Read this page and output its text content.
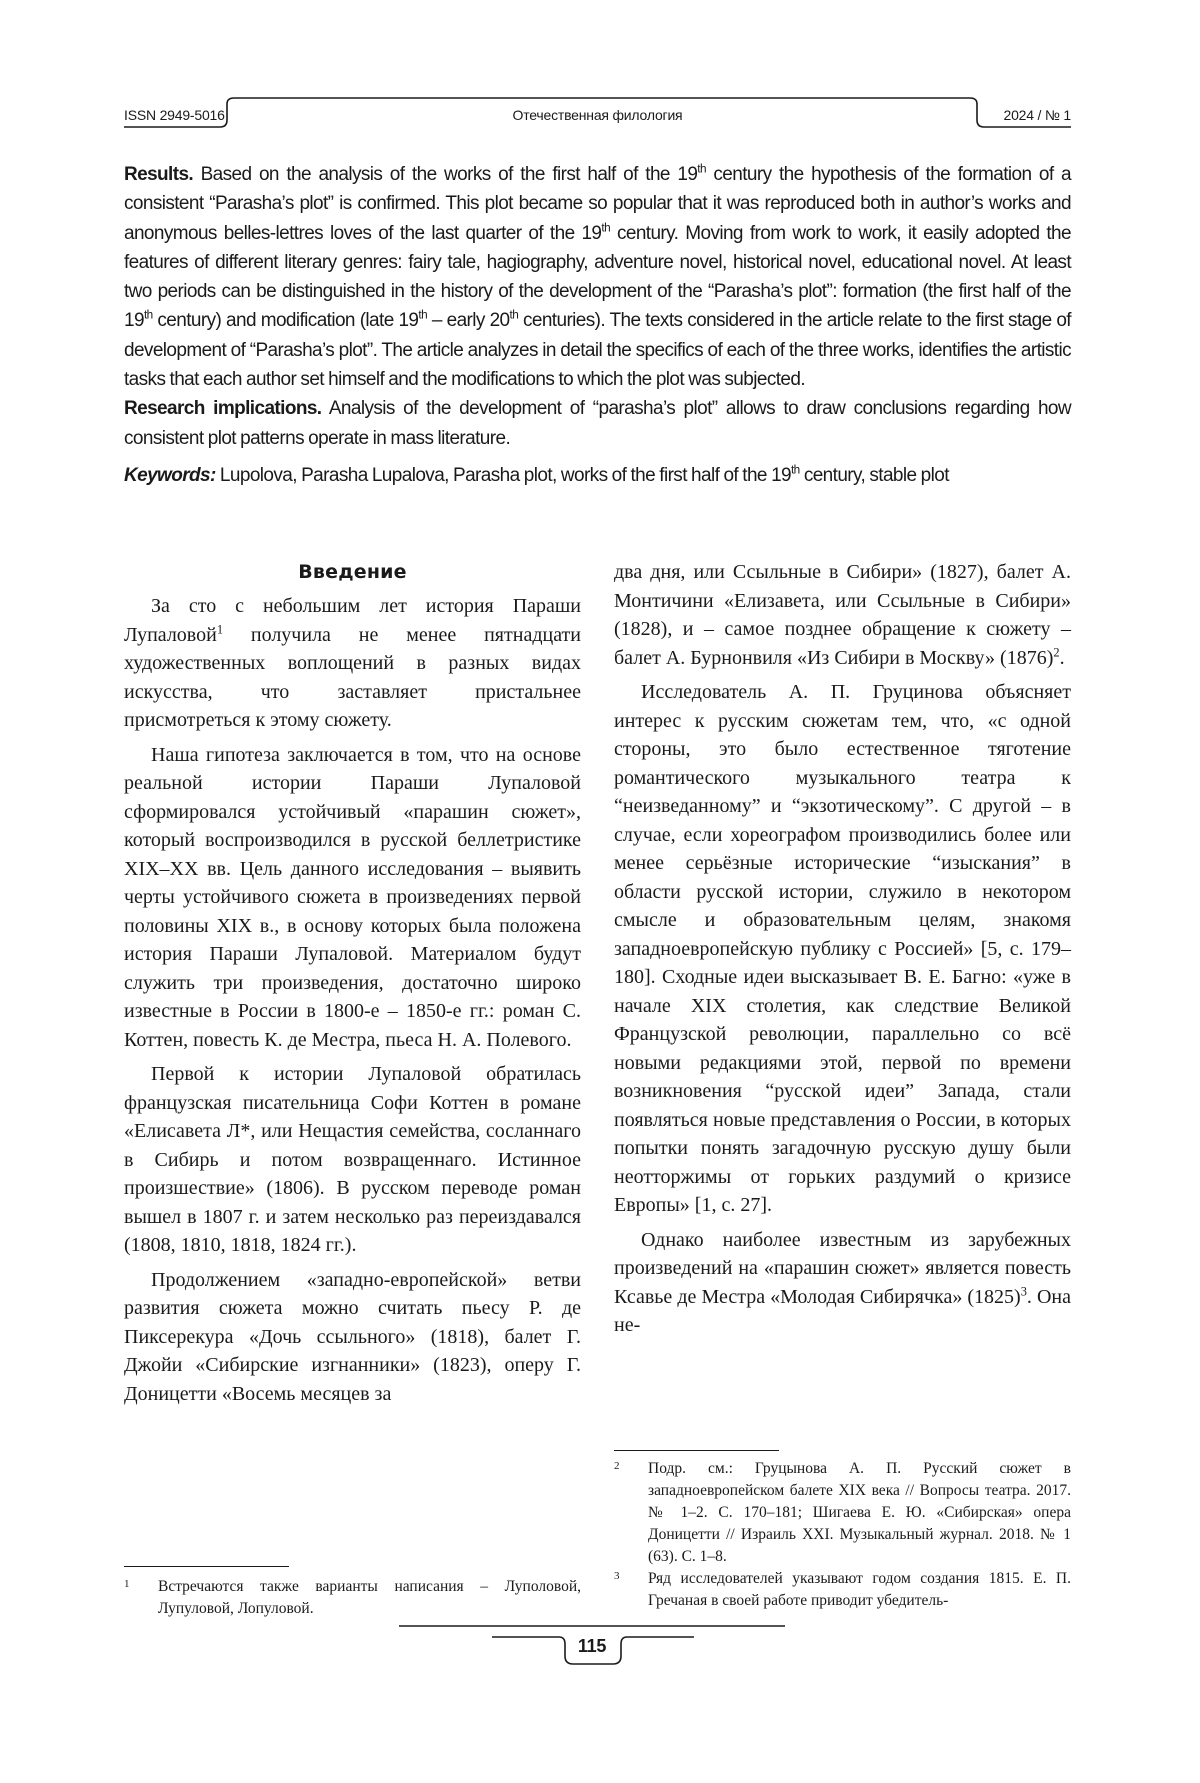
ISSN 2949-5016	Отечественная филология	2024 / № 1

Results. Based on the analysis of the works of the first half of the 19th century the hypothesis of the formation of a consistent “Parasha’s plot” is confirmed. This plot became so popular that it was reproduced both in author’s works and anonymous belles-lettres loves of the last quarter of the 19th century. Moving from work to work, it easily adopted the features of different literary genres: fairy tale, hagiography, adventure novel, historical novel, educational novel. At least two periods can be distinguished in the history of the development of the “Parasha’s plot”: formation (the first half of the 19th century) and modification (late 19th – early 20th centuries). The texts considered in the article relate to the first stage of development of “Parasha’s plot”. The article analyzes in detail the specifics of each of the three works, identifies the artistic tasks that each author set himself and the modifications to which the plot was subjected.

Research implications. Analysis of the development of “parasha’s plot” allows to draw conclusions regarding how consistent plot patterns operate in mass literature.

Keywords: Lupolova, Parasha Lupalova, Parasha plot, works of the first half of the 19th century, stable plot

Введение

За сто с небольшим лет история Параши Лупаловой$^1$ получила не менее пятнадцати художественных воплощений в разных видах искусства, что заставляет пристальнее присмотреться к этому сюжету.

Наша гипотеза заключается в том, что на основе реальной истории Параши Лупаловой сформировался устойчивый «парашин сюжет», который воспроизводился в русской беллетристике XIX–XX вв. Цель данного исследования – выявить черты устойчивого сюжета в произведениях первой половины XIX в., в основу которых была положена история Параши Лупаловой. Материалом будут служить три произведения, достаточно широко известные в России в 1800-е – 1850-е гг.: роман С. Коттен, повесть К. де Местра, пьеса Н. А. Полевого.

Первой к истории Лупаловой обратилась французская писательница Софи Коттен в романе «Елисавета Л*, или Нещастия семейства, сосланнаго в Сибирь и потом возвращеннаго. Истинное произшествие» (1806). В русском переводе роман вышел в 1807 г. и затем несколько раз переиздавался (1808, 1810, 1818, 1824 гг.).

Продолжением «западно-европейской» ветви развития сюжета можно считать пьесу Р. де Пиксерекура «Дочь ссыльного» (1818), балет Г. Джойи «Сибирские изгнанники» (1823), оперу Г. Доницетти «Восемь месяцев за

два дня, или Ссыльные в Сибири» (1827), балет А. Монтичини «Елизавета, или Ссыльные в Сибири» (1828), и – самое позднее обращение к сюжету – балет А. Бурнонвиля «Из Сибири в Москву» $(1876)^2$.

Исследователь А. П. Груцинова объясняет интерес к русским сюжетам тем, что, «с одной стороны, это было естественное тяготение романтического музыкального театра к “неизведанному” и “экзотическому”. С другой – в случае, если хореографом производились более или менее серьёзные исторические “изыскания” в области русской истории, служило в некотором смысле и образовательным целям, знакомя западноевропейскую публику с Россией» [5, с. 179–180]. Сходные идеи высказывает В. Е. Багно: «уже в начале XIX столетия, как следствие Великой Французской революции, параллельно со всё новыми редакциями этой, первой по времени возникновения “русской идеи” Запада, стали появляться новые представления о России, в которых попытки понять загадочную русскую душу были неотторжимы от горьких раздумий о кризисе Европы» [1, с. 27].

Однако наиболее известным из зарубежных произведений на «парашин сюжет» является повесть Ксавье де Местра «Молодая Сибирячка» $(1825)^3$. Она не-

1 Встречаются также варианты написания – Луполовой, Лупуловой, Лопуловой.

2 Подр. см.: Груцынова А. П. Русский сюжет в западноевропейском балете XIX века // Вопросы театра. 2017. № 1–2. С. 170–181; Шигаева Е. Ю. «Сибирская» опера Доницетти // Израиль XXI. Музыкальный журнал. 2018. № 1 (63). С. 1–8.

3 Ряд исследователей указывают годом создания 1815. Е. П. Гречаная в своей работе приводит убедитель-

115
